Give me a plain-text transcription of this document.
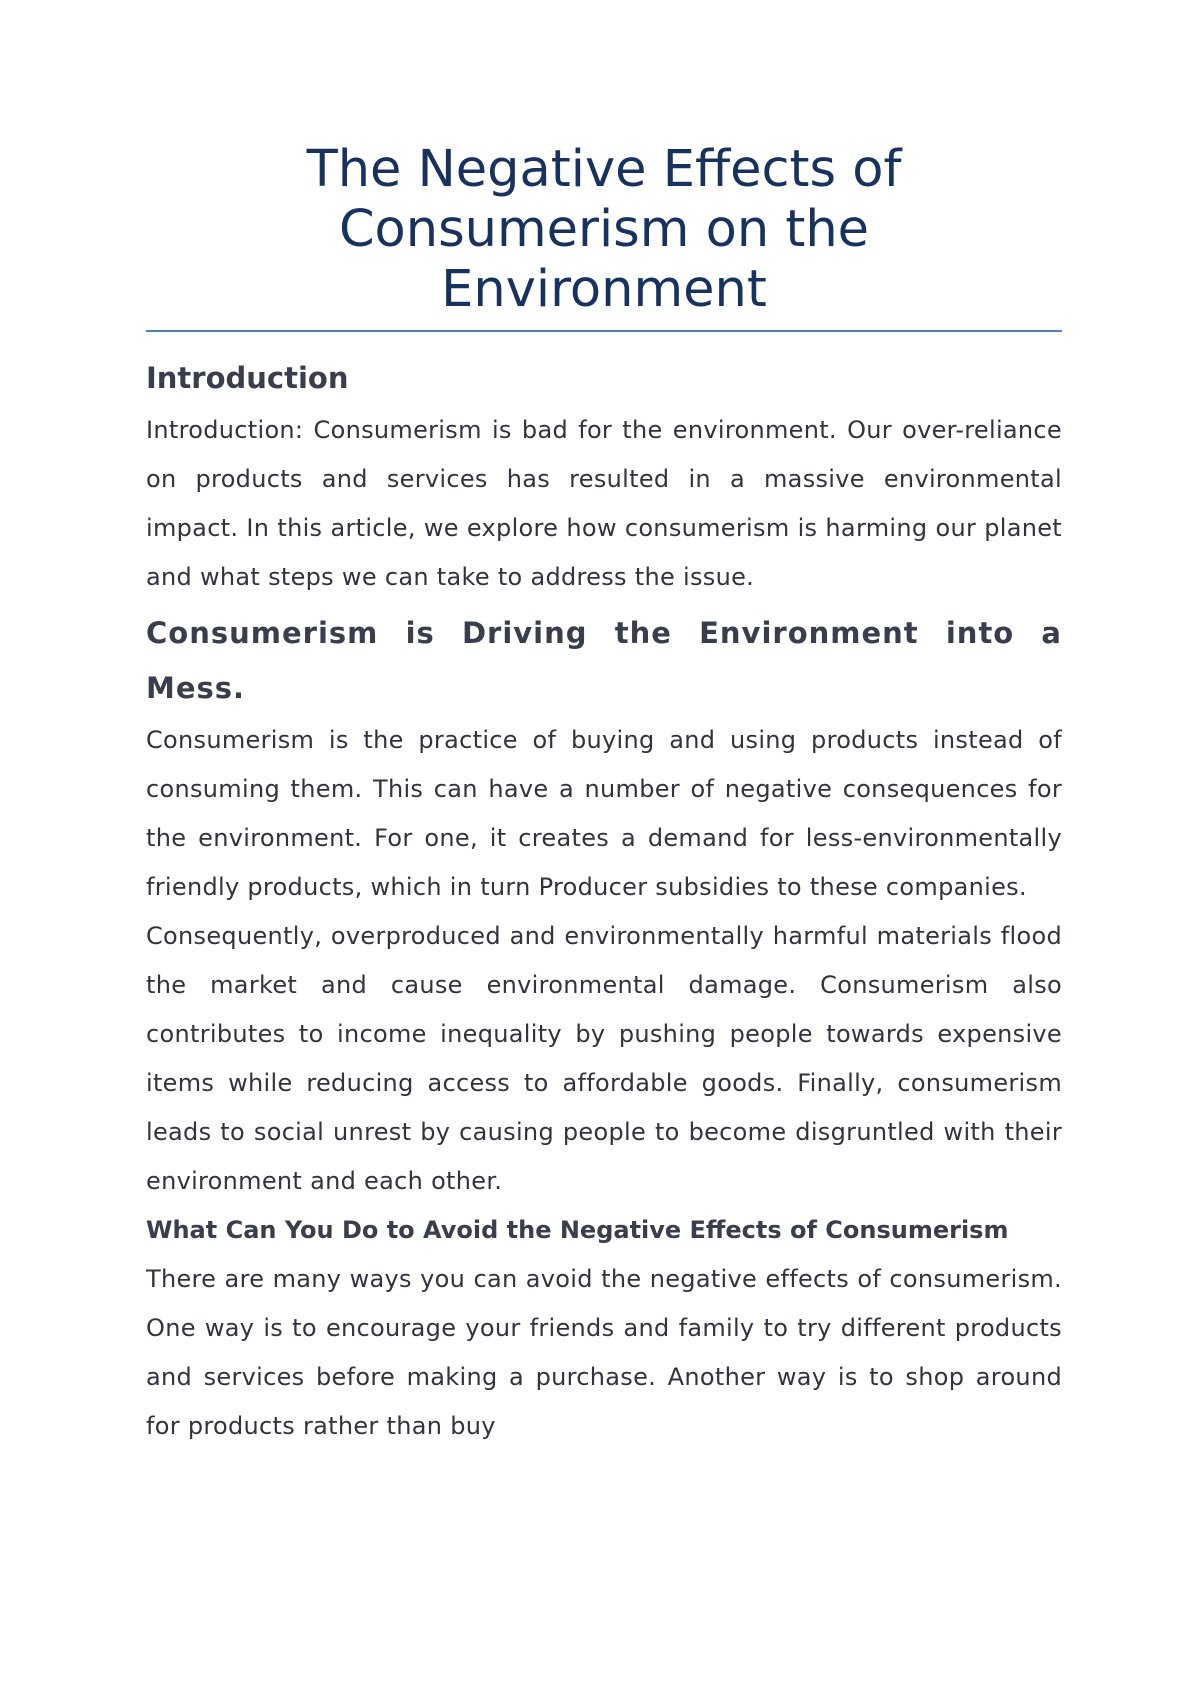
The Negative Effects of Consumerism on the Environment
Introduction

Introduction: Consumerism is bad for the environment. Our over-reliance on products and services has resulted in a massive environmental impact. In this article, we explore how consumerism is harming our planet and what steps we can take to address the issue.

Consumerism is Driving the Environment into a Mess.

Consumerism is the practice of buying and using products instead of consuming them. This can have a number of negative consequences for the environment. For one, it creates a demand for less-environmentally friendly products, which in turn Producer subsidies to these companies.

Consequently, overproduced and environmentally harmful materials flood the market and cause environmental damage. Consumerism also contributes to income inequality by pushing people towards expensive items while reducing access to affordable goods. Finally, consumerism leads to social unrest by causing people to become disgruntled with their environment and each other.

What Can You Do to Avoid the Negative Effects of Consumerism

There are many ways you can avoid the negative effects of consumerism. One way is to encourage your friends and family to try different products and services before making a purchase. Another way is to shop around for products rather than buy
